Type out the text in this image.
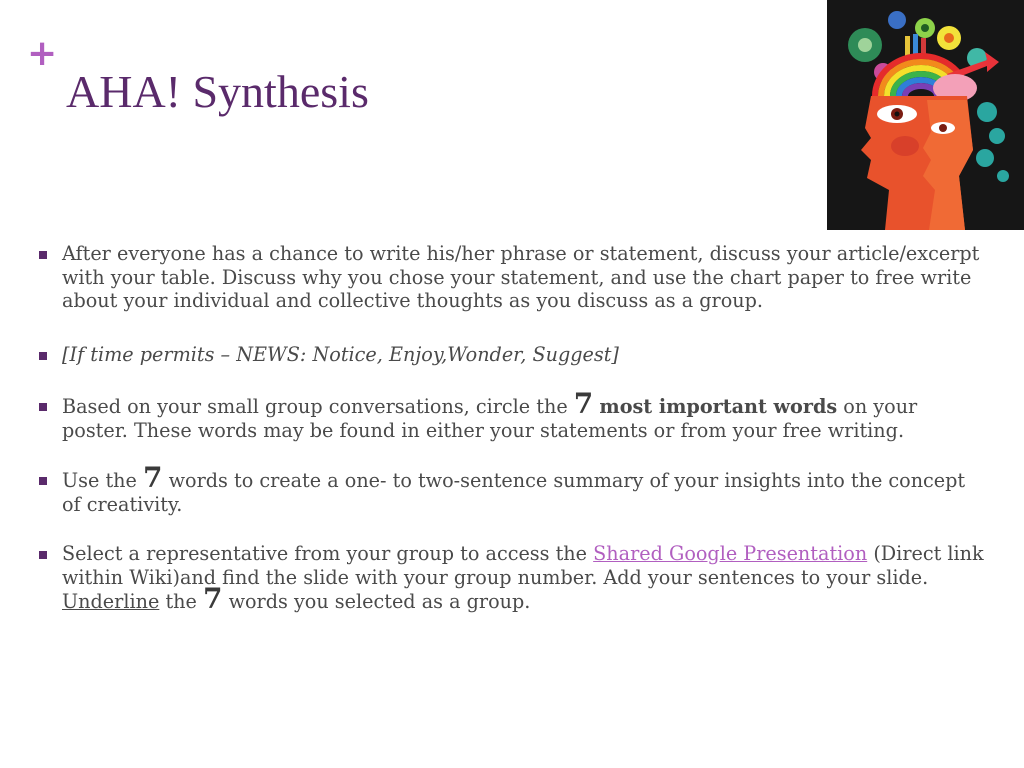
+
AHA! Synthesis
After everyone has a chance to write his/her phrase or statement, discuss your article/excerpt with your table. Discuss why you chose your statement, and use the chart paper to free write about your individual and collective thoughts as you discuss as a group.
[If time permits – NEWS: Notice, Enjoy,Wonder, Suggest]
Based on your small group conversations, circle the 7 most important words on your poster. These words may be found in either your statements or from your free writing.
Use the 7 words to create a one- to two-sentence summary of your insights into the concept of creativity.
Select a representative from your group to access the Shared Google Presentation (Direct link within Wiki)and find the slide with your group number. Add your sentences to your slide. Underline the 7 words you selected as a group.
